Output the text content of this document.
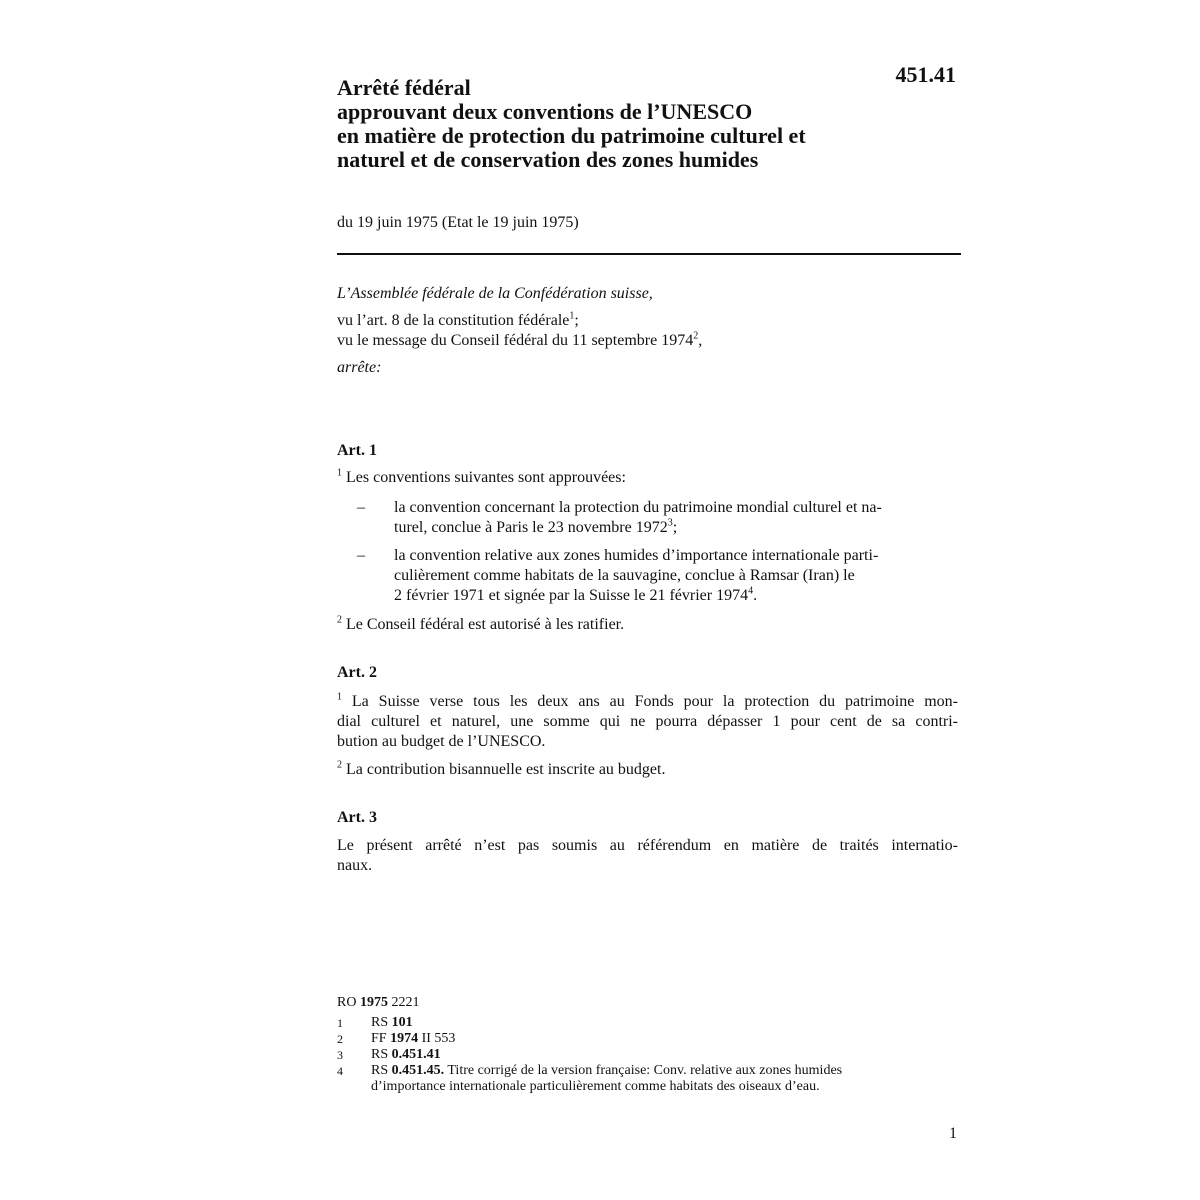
451.41
Arrêté fédéral
approuvant deux conventions de l’UNESCO
en matière de protection du patrimoine culturel et
naturel et de conservation des zones humides
du 19 juin 1975 (Etat le 19 juin 1975)
L’Assemblée fédérale de la Confédération suisse,
vu l’art. 8 de la constitution fédérale$^1$;
vu le message du Conseil fédéral du 11 septembre 1974$^2$,
arrête:
Art. 1
$^1$ Les conventions suivantes sont approuvées:
– la convention concernant la protection du patrimoine mondial culturel et na-
turel, conclue à Paris le 23 novembre 1972$^3$;
– la convention relative aux zones humides d’importance internationale parti-
culièrement comme habitats de la sauvagine, conclue à Ramsar (Iran) le
2 février 1971 et signée par la Suisse le 21 février 1974$^4$.
$^2$ Le Conseil fédéral est autorisé à les ratifier.
Art. 2
$^1$ La Suisse verse tous les deux ans au Fonds pour la protection du patrimoine mon-
dial culturel et naturel, une somme qui ne pourra dépasser 1 pour cent de sa contri-
bution au budget de l’UNESCO.
$^2$ La contribution bisannuelle est inscrite au budget.
Art. 3
Le présent arrêté n’est pas soumis au référendum en matière de traités internatio-
naux.
RO 1975 2221
1 RS 101
2 FF 1974 II 553
3 RS 0.451.41
4 RS 0.451.45. Titre corrigé de la version française: Conv. relative aux zones humides
d’importance internationale particulièrement comme habitats des oiseaux d’eau.
1
